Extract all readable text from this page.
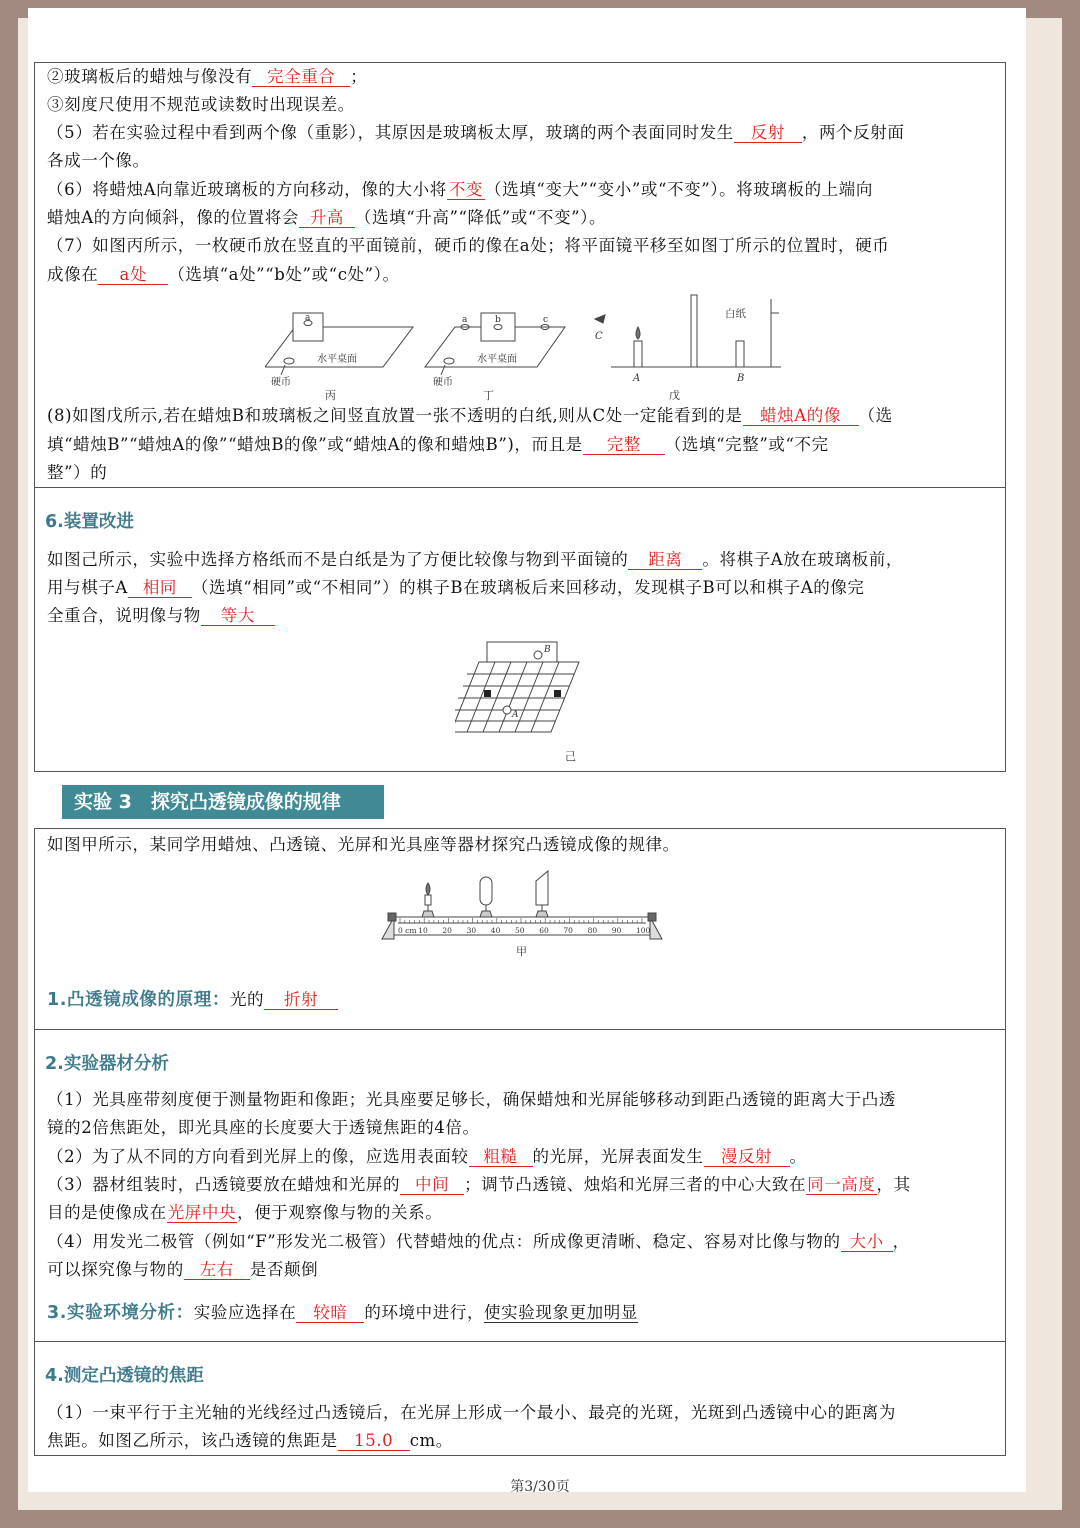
②玻璃板后的蜡烛与像没有 完全重合 ；
③刻度尺使用不规范或读数时出现误差。
（5）若在实验过程中看到两个像（重影），其原因是玻璃板太厚，玻璃的两个表面同时发生 反射 ，两个反射面
各成一个像。
（6）将蜡烛A向靠近玻璃板的方向移动，像的大小将 不变 （选填“变大”“变小”或“不变”）。将玻璃板的上端向
蜡烛A的方向倾斜，像的位置将会 升高 （选填“升高”“降低”或“不变”）。
（7）如图丙所示，一枚硬币放在竖直的平面镜前，硬币的像在a处；将平面镜平移至如图丁所示的位置时，硬币
成像在 a处 （选填“a处”“b处”或“c处”）。
a
水平桌面
硬币
丙
a	b	c
水平桌面
硬币
丁
白纸
C
A	B
戊
(8)如图戊所示,若在蜡烛B和玻璃板之间竖直放置一张不透明的白纸,则从C处一定能看到的是 蜡烛A的像 （选
填“蜡烛B”“蜡烛A的像”“蜡烛B的像”或“蜡烛A的像和蜡烛B”)，而且是 完整 （选填“完整”或“不完
整”）的
6.装置改进
如图己所示，实验中选择方格纸而不是白纸是为了方便比较像与物到平面镜的 距离 。将棋子A放在玻璃板前，
用与棋子A 相同 （选填“相同”或“不相同”）的棋子B在玻璃板后来回移动，发现棋子B可以和棋子A的像完
全重合，说明像与物 等大
B
A
己
实验 3　探究凸透镜成像的规律
如图甲所示，某同学用蜡烛、凸透镜、光屏和光具座等器材探究凸透镜成像的规律。
0 cm 10 20 30 40 50 60 70 80 90 100
甲
1.凸透镜成像的原理：光的 折射
2.实验器材分析
（1）光具座带刻度便于测量物距和像距；光具座要足够长，确保蜡烛和光屏能够移动到距凸透镜的距离大于凸透
镜的2倍焦距处，即光具座的长度要大于透镜焦距的4倍。
（2）为了从不同的方向看到光屏上的像，应选用表面较 粗糙 的光屏，光屏表面发生 漫反射 。
（3）器材组装时，凸透镜要放在蜡烛和光屏的 中间 ；调节凸透镜、烛焰和光屏三者的中心大致在同一高度，其
目的是使像成在光屏中央，便于观察像与物的关系。
（4）用发光二极管（例如“F”形发光二极管）代替蜡烛的优点：所成像更清晰、稳定、容易对比像与物的 大小 ，
可以探究像与物的 左右 是否颠倒
3.实验环境分析：实验应选择在 较暗 的环境中进行，使实验现象更加明显
4.测定凸透镜的焦距
（1）一束平行于主光轴的光线经过凸透镜后，在光屏上形成一个最小、最亮的光斑，光斑到凸透镜中心的距离为
焦距。如图乙所示，该凸透镜的焦距是 15.0 cm。
第3/30页
